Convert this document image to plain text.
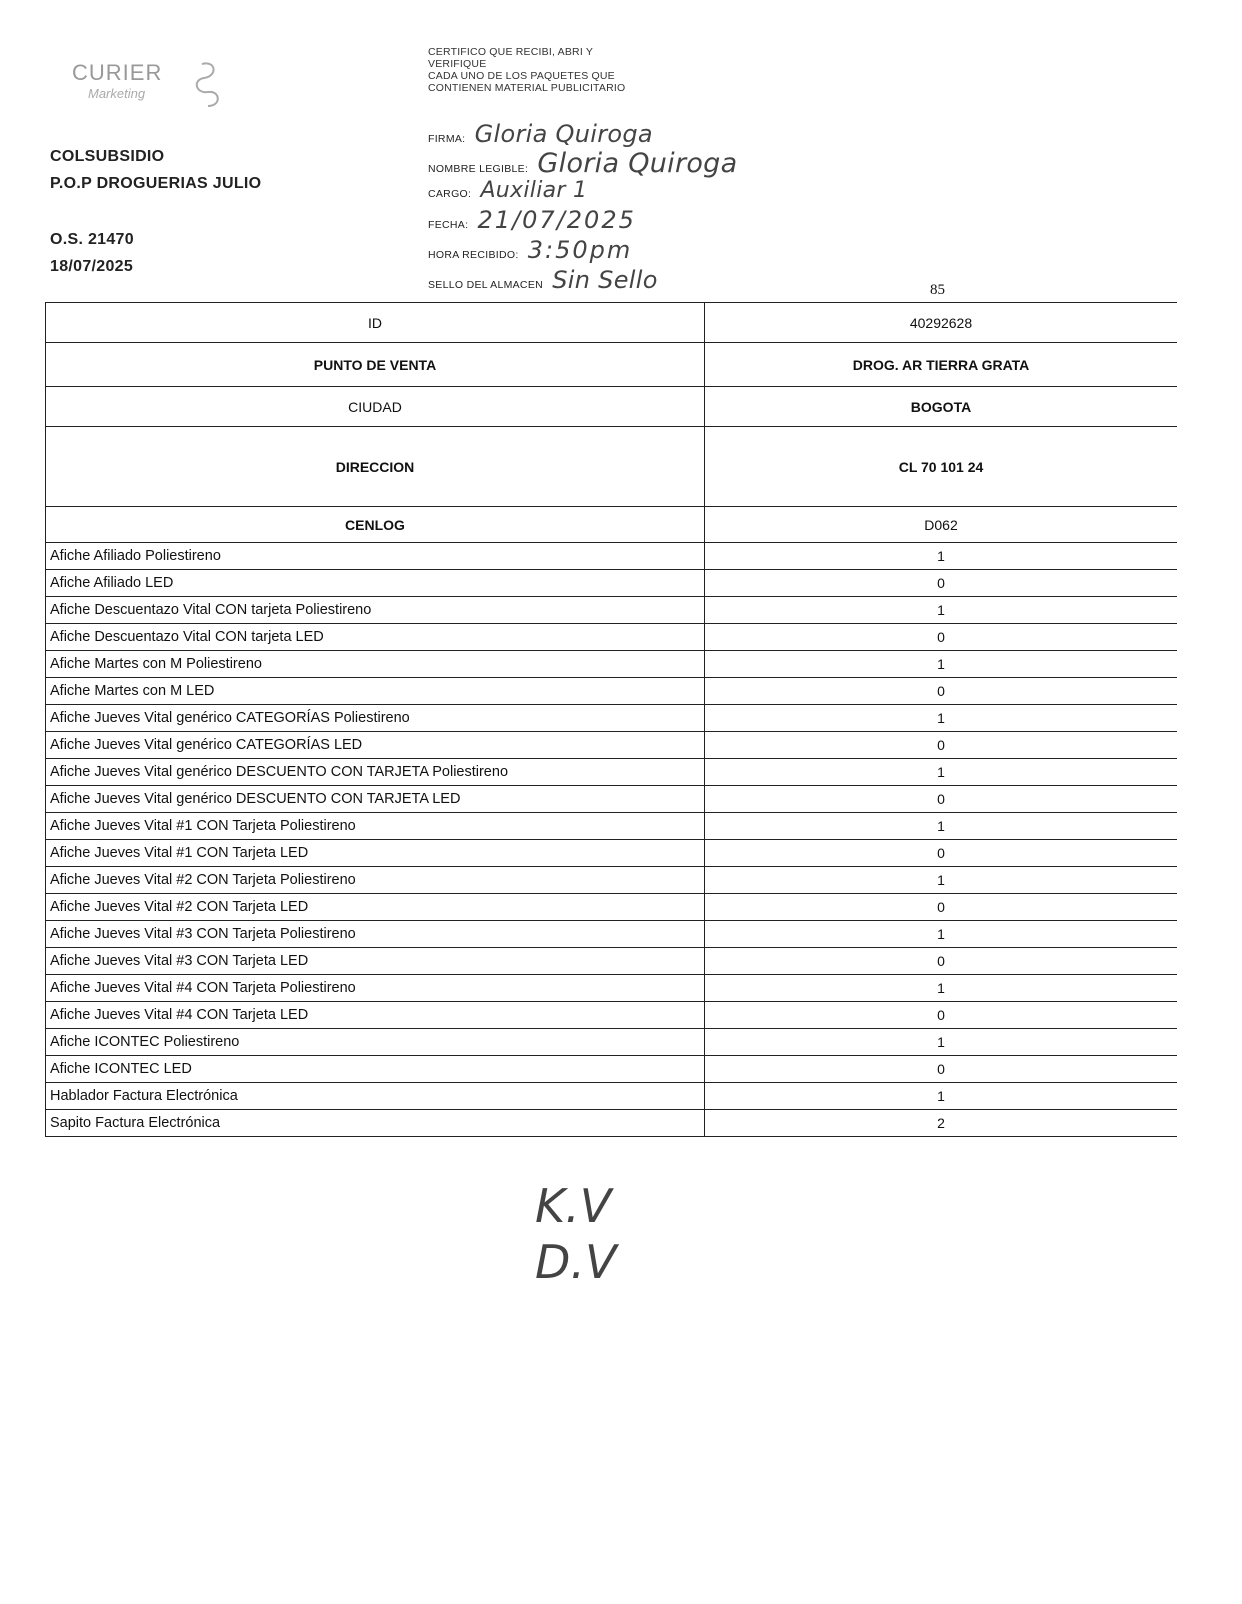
CURIER
Marketing
COLSUBSIDIO
P.O.P DROGUERIAS JULIO
O.S. 21470
18/07/2025
CERTIFICO QUE RECIBI, ABRI Y
VERIFIQUE
CADA UNO DE LOS PAQUETES QUE
CONTIENEN MATERIAL PUBLICITARIO
FIRMA: Gloria Quiroga
NOMBRE LEGIBLE: Gloria Quiroga
CARGO: Auxiliar 1
FECHA: 21/07/2025
HORA RECIBIDO: 3:50pm
SELLO DEL ALMACEN Sin Sello	85
ID	40292628
PUNTO DE VENTA	DROG. AR TIERRA GRATA
CIUDAD	BOGOTA
DIRECCION	CL 70 101 24
CENLOG	D062
Afiche Afiliado Poliestireno	1
Afiche Afiliado LED	0
Afiche Descuentazo Vital CON tarjeta Poliestireno	1
Afiche Descuentazo Vital CON tarjeta LED	0
Afiche Martes con M Poliestireno	1
Afiche Martes con M LED	0
Afiche Jueves Vital genérico CATEGORÍAS Poliestireno	1
Afiche Jueves Vital genérico CATEGORÍAS LED	0
Afiche Jueves Vital genérico DESCUENTO CON TARJETA Poliestireno	1
Afiche Jueves Vital genérico DESCUENTO CON TARJETA LED	0
Afiche Jueves Vital #1 CON Tarjeta Poliestireno	1
Afiche Jueves Vital #1 CON Tarjeta LED	0
Afiche Jueves Vital #2 CON Tarjeta Poliestireno	1
Afiche Jueves Vital #2 CON Tarjeta LED	0
Afiche Jueves Vital #3 CON Tarjeta Poliestireno	1
Afiche Jueves Vital #3 CON Tarjeta LED	0
Afiche Jueves Vital #4 CON Tarjeta Poliestireno	1
Afiche Jueves Vital #4 CON Tarjeta LED	0
Afiche ICONTEC Poliestireno	1
Afiche ICONTEC LED	0
Hablador Factura Electrónica	1
Sapito Factura Electrónica	2
K.V
D.V
